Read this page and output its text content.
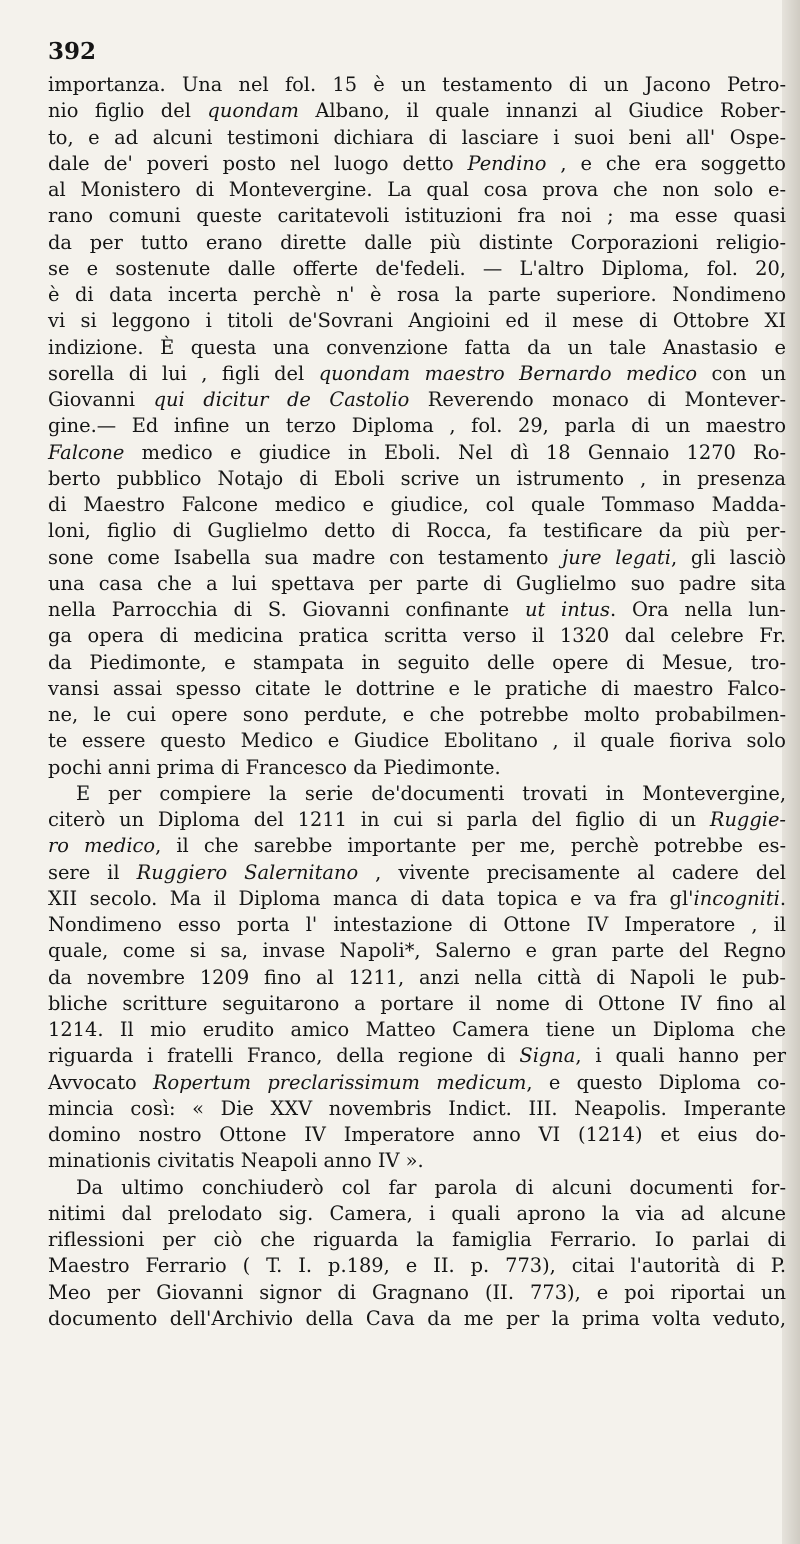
392

importanza. Una nel fol. 15 è un testamento di un Jacono Petro-
nio figlio del quondam Albano, il quale innanzi al Giudice Rober-
to, e ad alcuni testimoni dichiara di lasciare i suoi beni all' Ospe-
dale de' poveri posto nel luogo detto Pendino , e che era soggetto
al Monistero di Montevergine. La qual cosa prova che non solo e-
rano comuni queste caritatevoli istituzioni fra noi ; ma esse quasi
da per tutto erano dirette dalle più distinte Corporazioni religio-
se e sostenute dalle offerte de'fedeli. — L'altro Diploma, fol. 20,
è di data incerta perchè n' è rosa la parte superiore. Nondimeno
vi si leggono i titoli de'Sovrani Angioini ed il mese di Ottobre XI
indizione. È questa una convenzione fatta da un tale Anastasio e
sorella di lui , figli del quondam maestro Bernardo medico con un
Giovanni qui dicitur de Castolio Reverendo monaco di Montever-
gine.— Ed infine un terzo Diploma , fol. 29, parla di un maestro
Falcone medico e giudice in Eboli. Nel dì 18 Gennaio 1270 Ro-
berto pubblico Notajo di Eboli scrive un istrumento , in presenza
di Maestro Falcone medico e giudice, col quale Tommaso Madda-
loni, figlio di Guglielmo detto di Rocca, fa testificare da più per-
sone come Isabella sua madre con testamento jure legati, gli lasciò
una casa che a lui spettava per parte di Guglielmo suo padre sita
nella Parrocchia di S. Giovanni confinante ut intus. Ora nella lun-
ga opera di medicina pratica scritta verso il 1320 dal celebre Fr.
da Piedimonte, e stampata in seguito delle opere di Mesue, tro-
vansi assai spesso citate le dottrine e le pratiche di maestro Falco-
ne, le cui opere sono perdute, e che potrebbe molto probabilmen-
te essere questo Medico e Giudice Ebolitano , il quale fioriva solo
pochi anni prima di Francesco da Piedimonte.
E per compiere la serie de'documenti trovati in Montevergine,
citerò un Diploma del 1211 in cui si parla del figlio di un Ruggie-
ro medico, il che sarebbe importante per me, perchè potrebbe es-
sere il Ruggiero Salernitano , vivente precisamente al cadere del
XII secolo. Ma il Diploma manca di data topica e va fra gl'incogniti.
Nondimeno esso porta l' intestazione di Ottone IV Imperatore , il
quale, come si sa, invase Napoli*, Salerno e gran parte del Regno
da novembre 1209 fino al 1211, anzi nella città di Napoli le pub-
bliche scritture seguitarono a portare il nome di Ottone IV fino al
1214. Il mio erudito amico Matteo Camera tiene un Diploma che
riguarda i fratelli Franco, della regione di Signa, i quali hanno per
Avvocato Ropertum preclarissimum medicum, e questo Diploma co-
mincia così: « Die XXV novembris Indict. III. Neapolis. Imperante
domino nostro Ottone IV Imperatore anno VI (1214) et eius do-
minationis civitatis Neapoli anno IV ».
Da ultimo conchiuderò col far parola di alcuni documenti for-
nitimi dal prelodato sig. Camera, i quali aprono la via ad alcune
riflessioni per ciò che riguarda la famiglia Ferrario. Io parlai di
Maestro Ferrario ( T. I. p.189, e II. p. 773), citai l'autorità di P.
Meo per Giovanni signor di Gragnano (II. 773), e poi riportai un
documento dell'Archivio della Cava da me per la prima volta veduto,
